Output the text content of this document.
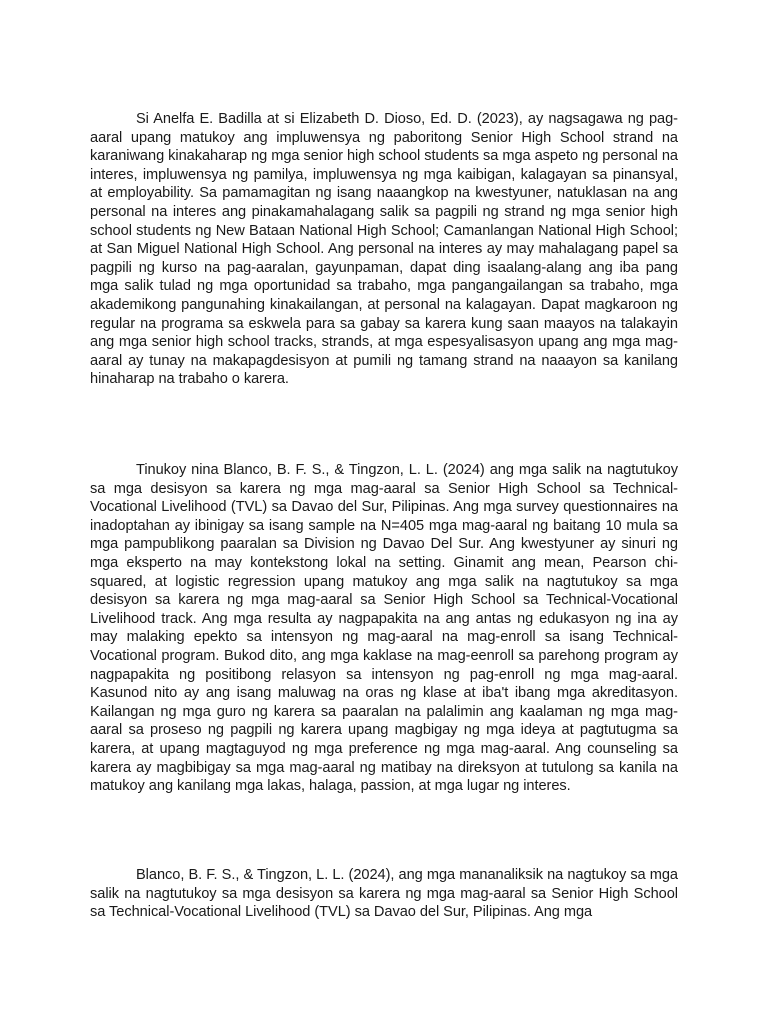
Si Anelfa E. Badilla at si Elizabeth D. Dioso, Ed. D. (2023), ay nagsagawa ng pag-aaral upang matukoy ang impluwensya ng paboritong Senior High School strand na karaniwang kinakaharap ng mga senior high school students sa mga aspeto ng personal na interes, impluwensya ng pamilya, impluwensya ng mga kaibigan, kalagayan sa pinansyal, at employability. Sa pamamagitan ng isang naaangkop na kwestyuner, natuklasan na ang personal na interes ang pinakamahalagang salik sa pagpili ng strand ng mga senior high school students ng New Bataan National High School; Camanlangan National High School; at San Miguel National High School. Ang personal na interes ay may mahalagang papel sa pagpili ng kurso na pag-aaralan, gayunpaman, dapat ding isaalang-alang ang iba pang mga salik tulad ng mga oportunidad sa trabaho, mga pangangailangan sa trabaho, mga akademikong pangunahing kinakailangan, at personal na kalagayan. Dapat magkaroon ng regular na programa sa eskwela para sa gabay sa karera kung saan maayos na talakayin ang mga senior high school tracks, strands, at mga espesyalisasyon upang ang mga mag-aaral ay tunay na makapagdesisyon at pumili ng tamang strand na naaayon sa kanilang hinaharap na trabaho o karera.

Tinukoy nina Blanco, B. F. S., & Tingzon, L. L. (2024) ang mga salik na nagtutukoy sa mga desisyon sa karera ng mga mag-aaral sa Senior High School sa Technical-Vocational Livelihood (TVL) sa Davao del Sur, Pilipinas. Ang mga survey questionnaires na inadoptahan ay ibinigay sa isang sample na N=405 mga mag-aaral ng baitang 10 mula sa mga pampublikong paaralan sa Division ng Davao Del Sur. Ang kwestyuner ay sinuri ng mga eksperto na may kontekstong lokal na setting. Ginamit ang mean, Pearson chi-squared, at logistic regression upang matukoy ang mga salik na nagtutukoy sa mga desisyon sa karera ng mga mag-aaral sa Senior High School sa Technical-Vocational Livelihood track. Ang mga resulta ay nagpapakita na ang antas ng edukasyon ng ina ay may malaking epekto sa intensyon ng mag-aaral na mag-enroll sa isang Technical-Vocational program. Bukod dito, ang mga kaklase na mag-eenroll sa parehong program ay nagpapakita ng positibong relasyon sa intensyon ng pag-enroll ng mga mag-aaral. Kasunod nito ay ang isang maluwag na oras ng klase at iba't ibang mga akreditasyon. Kailangan ng mga guro ng karera sa paaralan na palalimin ang kaalaman ng mga mag-aaral sa proseso ng pagpili ng karera upang magbigay ng mga ideya at pagtutugma sa karera, at upang magtaguyod ng mga preference ng mga mag-aaral. Ang counseling sa karera ay magbibigay sa mga mag-aaral ng matibay na direksyon at tutulong sa kanila na matukoy ang kanilang mga lakas, halaga, passion, at mga lugar ng interes.

Blanco, B. F. S., & Tingzon, L. L. (2024), ang mga mananaliksik na nagtukoy sa mga salik na nagtutukoy sa mga desisyon sa karera ng mga mag-aaral sa Senior High School sa Technical-Vocational Livelihood (TVL) sa Davao del Sur, Pilipinas. Ang mga
